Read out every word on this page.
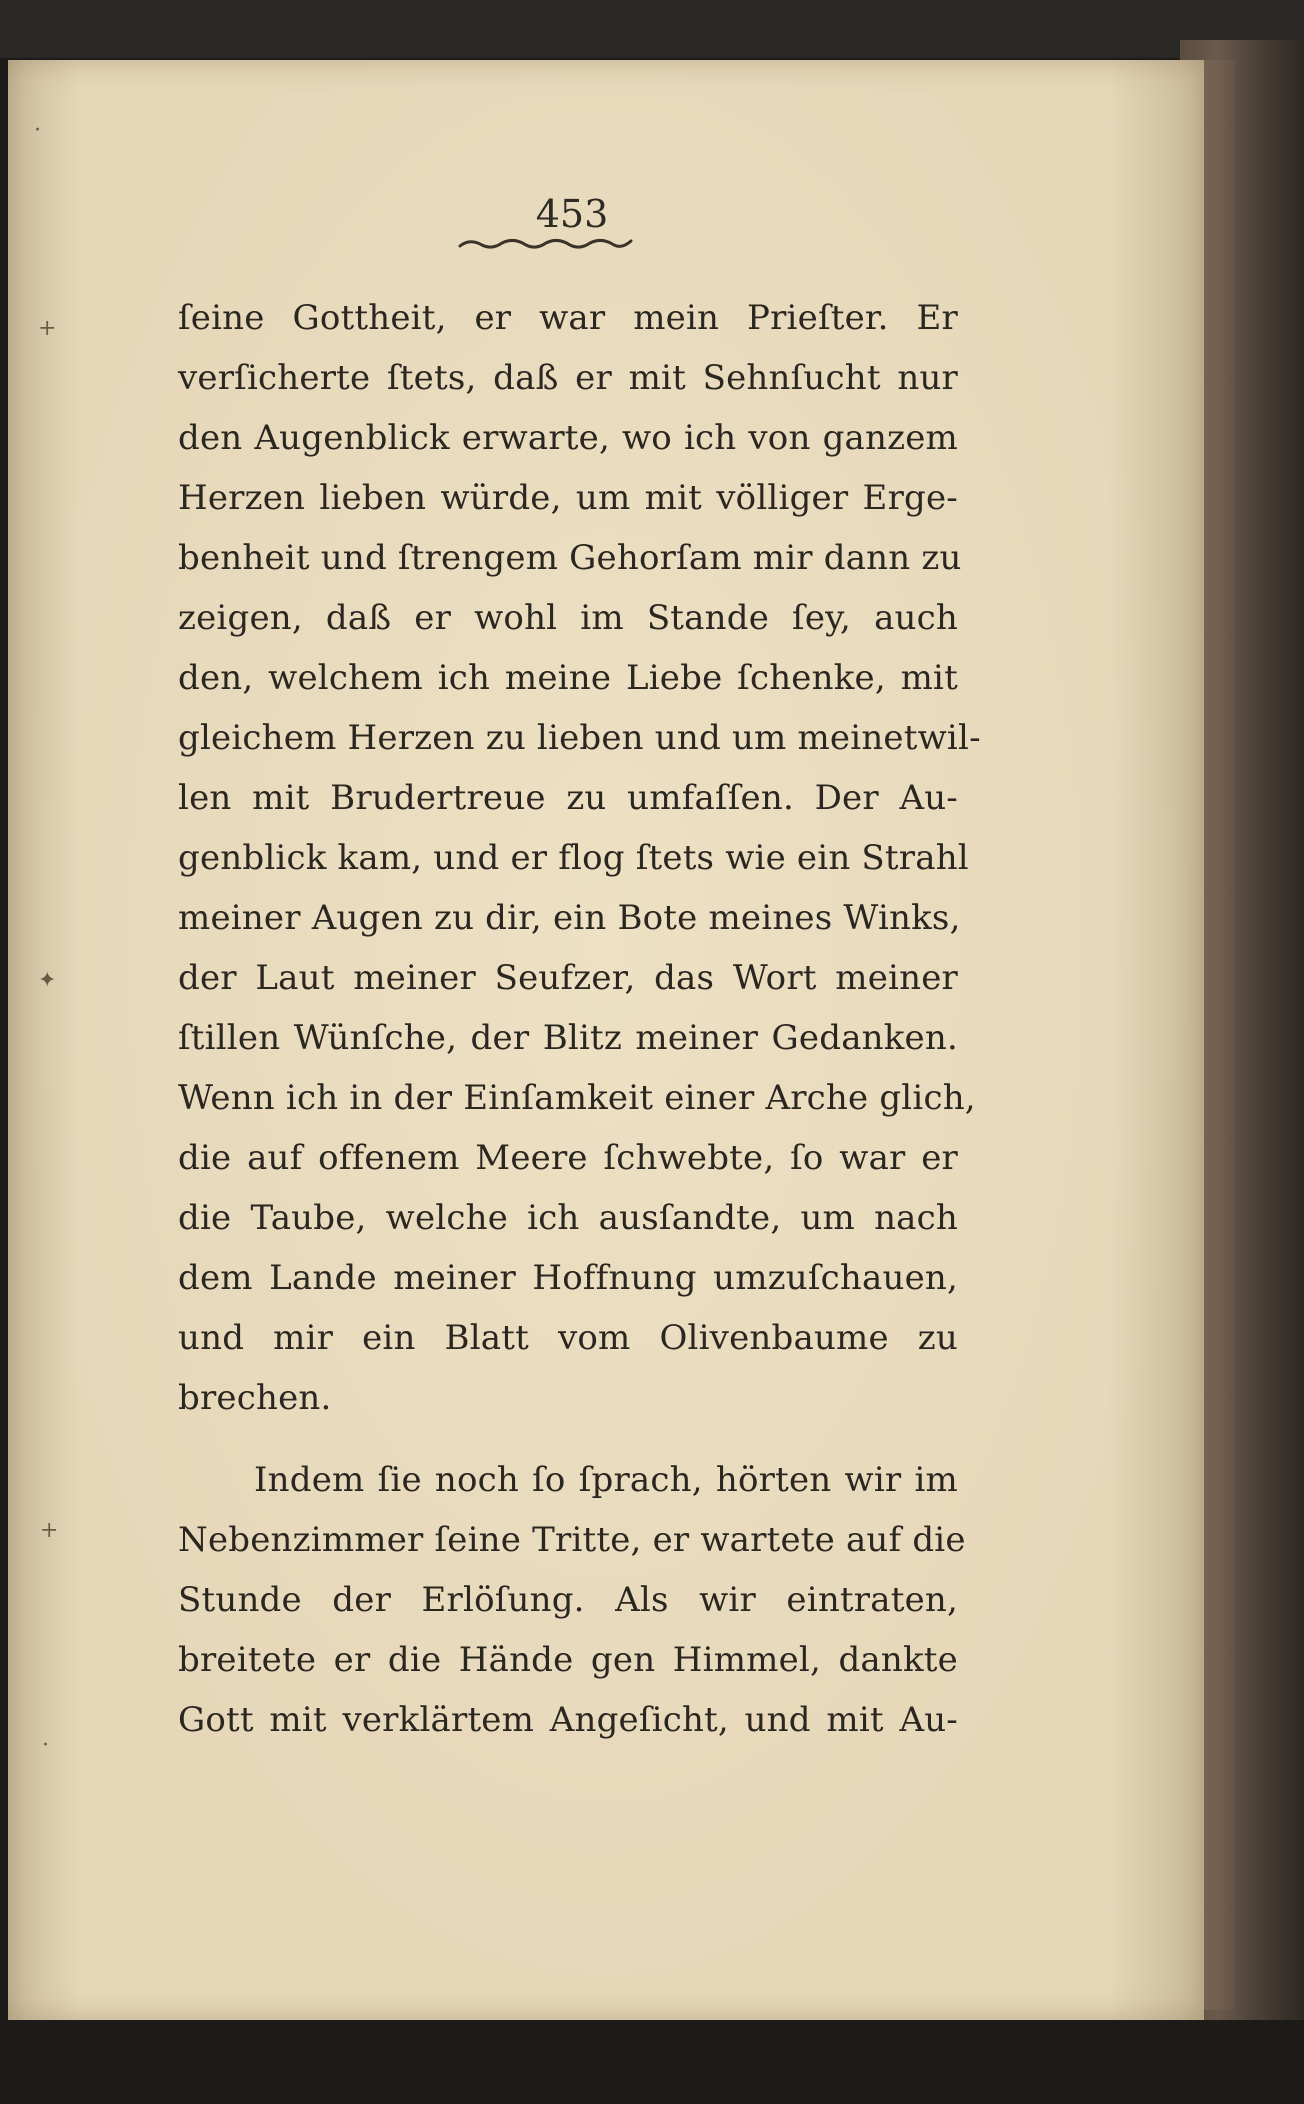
·
+
✦
+
·
453
ſeine Gottheit, er war mein Prieſter. Er
verſicherte ſtets, daß er mit Sehnſucht nur
den Augenblick erwarte, wo ich von ganzem
Herzen lieben würde, um mit völliger Erge-
benheit und ſtrengem Gehorſam mir dann zu
zeigen, daß er wohl im Stande ſey, auch
den, welchem ich meine Liebe ſchenke, mit
gleichem Herzen zu lieben und um meinetwil-
len mit Brudertreue zu umfaſſen. Der Au-
genblick kam, und er flog ſtets wie ein Strahl
meiner Augen zu dir, ein Bote meines Winks,
der Laut meiner Seufzer, das Wort meiner
ſtillen Wünſche, der Blitz meiner Gedanken.
Wenn ich in der Einſamkeit einer Arche glich,
die auf offenem Meere ſchwebte, ſo war er
die Taube, welche ich ausſandte, um nach
dem Lande meiner Hoffnung umzuſchauen,
und mir ein Blatt vom Olivenbaume zu
brechen.
Indem ſie noch ſo ſprach, hörten wir im
Nebenzimmer ſeine Tritte, er wartete auf die
Stunde der Erlöſung. Als wir eintraten,
breitete er die Hände gen Himmel, dankte
Gott mit verklärtem Angeſicht, und mit Au-
